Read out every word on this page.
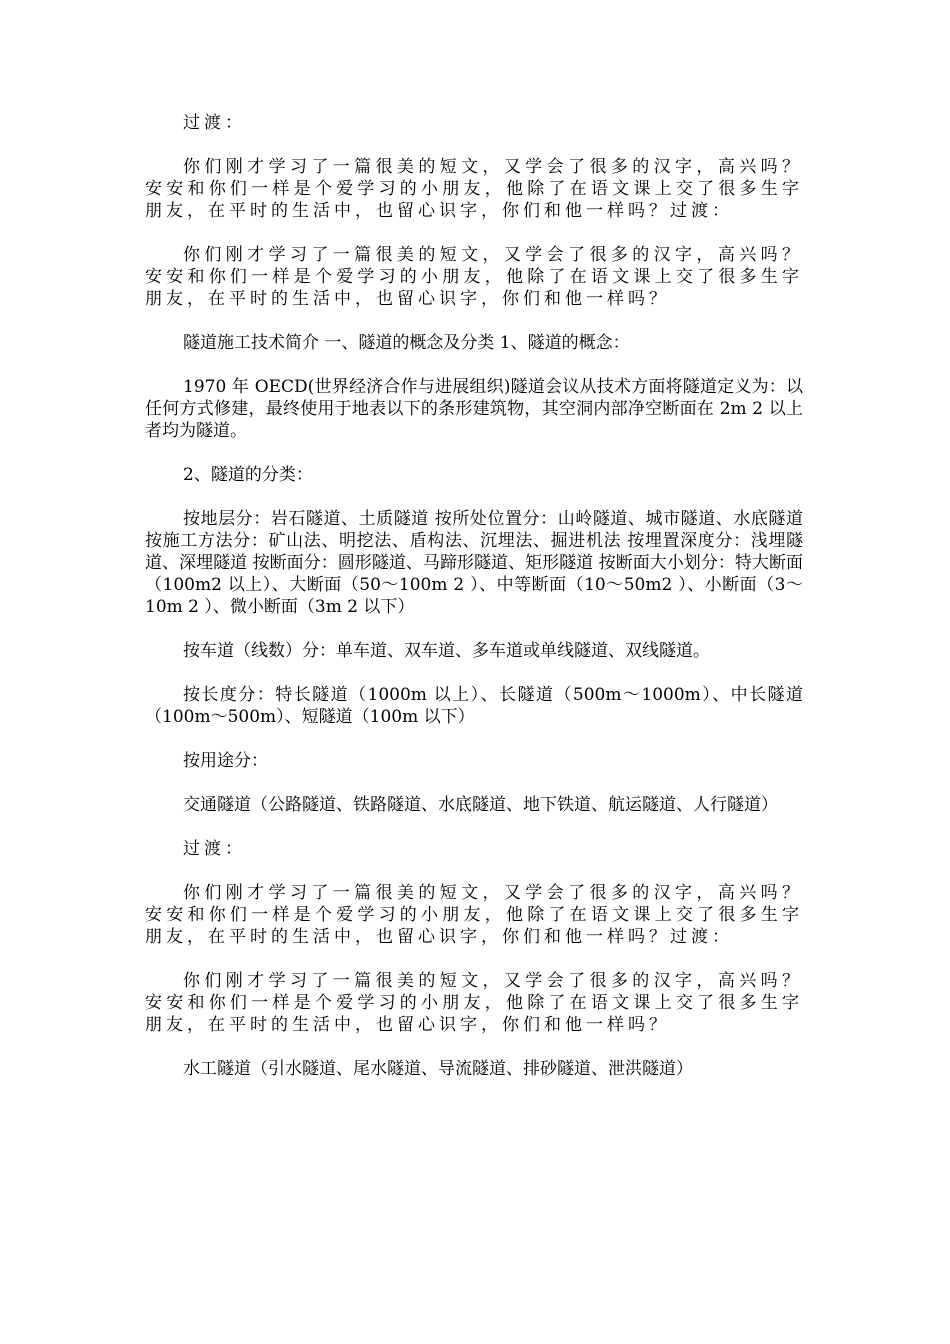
过渡：

你们刚才学习了一篇很美的短文，又学会了很多的汉字，高兴吗？安安和你们一样是个爱学习的小朋友，他除了在语文课上交了很多生字朋友，在平时的生活中，也留心识字，你们和他一样吗？过渡：

你们刚才学习了一篇很美的短文，又学会了很多的汉字，高兴吗？安安和你们一样是个爱学习的小朋友，他除了在语文课上交了很多生字朋友，在平时的生活中，也留心识字，你们和他一样吗？

隧道施工技术简介 一、隧道的概念及分类 1、隧道的概念：

1970 年 OECD(世界经济合作与进展组织)隧道会议从技术方面将隧道定义为：以任何方式修建，最终使用于地表以下的条形建筑物，其空洞内部净空断面在 2m 2 以上者均为隧道。

2、隧道的分类：

按地层分：岩石隧道、土质隧道 按所处位置分：山岭隧道、城市隧道、水底隧道 按施工方法分：矿山法、明挖法、盾构法、沉埋法、掘进机法 按埋置深度分：浅埋隧道、深埋隧道 按断面分：圆形隧道、马蹄形隧道、矩形隧道 按断面大小划分：特大断面（100m2 以上）、大断面（50～100m 2 ）、中等断面（10～50m2 ）、小断面（3～10m 2 ）、微小断面（3m 2 以下）

按车道（线数）分：单车道、双车道、多车道或单线隧道、双线隧道。

按长度分：特长隧道（1000m 以上）、长隧道（500m～1000m）、中长隧道（100m～500m）、短隧道（100m 以下）

按用途分：

交通隧道（公路隧道、铁路隧道、水底隧道、地下铁道、航运隧道、人行隧道）

过渡：

你们刚才学习了一篇很美的短文，又学会了很多的汉字，高兴吗？安安和你们一样是个爱学习的小朋友，他除了在语文课上交了很多生字朋友，在平时的生活中，也留心识字，你们和他一样吗？过渡：

你们刚才学习了一篇很美的短文，又学会了很多的汉字，高兴吗？安安和你们一样是个爱学习的小朋友，他除了在语文课上交了很多生字朋友，在平时的生活中，也留心识字，你们和他一样吗？

水工隧道（引水隧道、尾水隧道、导流隧道、排砂隧道、泄洪隧道）
